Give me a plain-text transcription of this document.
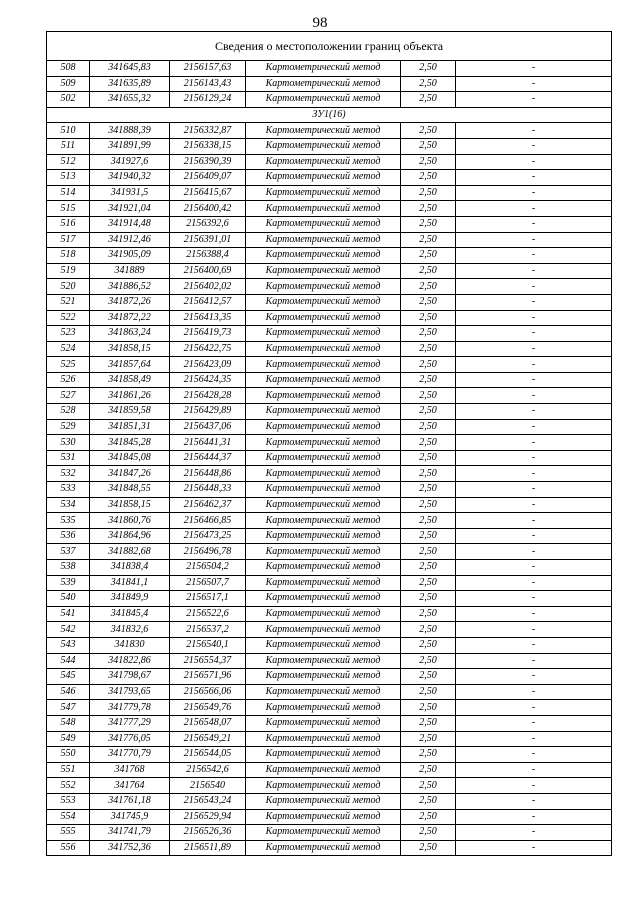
98
Сведения о местоположении границ объекта					
508	341645,83	2156157,63	Картометрический метод	2,50	-
509	341635,89	2156143,43	Картометрический метод	2,50	-
502	341655,32	2156129,24	Картометрический метод	2,50	-
ЗУ1(16)					
510	341888,39	2156332,87	Картометрический метод	2,50	-
511	341891,99	2156338,15	Картометрический метод	2,50	-
512	341927,6	2156390,39	Картометрический метод	2,50	-
513	341940,32	2156409,07	Картометрический метод	2,50	-
514	341931,5	2156415,67	Картометрический метод	2,50	-
515	341921,04	2156400,42	Картометрический метод	2,50	-
516	341914,48	2156392,6	Картометрический метод	2,50	-
517	341912,46	2156391,01	Картометрический метод	2,50	-
518	341905,09	2156388,4	Картометрический метод	2,50	-
519	341889	2156400,69	Картометрический метод	2,50	-
520	341886,52	2156402,02	Картометрический метод	2,50	-
521	341872,26	2156412,57	Картометрический метод	2,50	-
522	341872,22	2156413,35	Картометрический метод	2,50	-
523	341863,24	2156419,73	Картометрический метод	2,50	-
524	341858,15	2156422,75	Картометрический метод	2,50	-
525	341857,64	2156423,09	Картометрический метод	2,50	-
526	341858,49	2156424,35	Картометрический метод	2,50	-
527	341861,26	2156428,28	Картометрический метод	2,50	-
528	341859,58	2156429,89	Картометрический метод	2,50	-
529	341851,31	2156437,06	Картометрический метод	2,50	-
530	341845,28	2156441,31	Картометрический метод	2,50	-
531	341845,08	2156444,37	Картометрический метод	2,50	-
532	341847,26	2156448,86	Картометрический метод	2,50	-
533	341848,55	2156448,33	Картометрический метод	2,50	-
534	341858,15	2156462,37	Картометрический метод	2,50	-
535	341860,76	2156466,85	Картометрический метод	2,50	-
536	341864,96	2156473,25	Картометрический метод	2,50	-
537	341882,68	2156496,78	Картометрический метод	2,50	-
538	341838,4	2156504,2	Картометрический метод	2,50	-
539	341841,1	2156507,7	Картометрический метод	2,50	-
540	341849,9	2156517,1	Картометрический метод	2,50	-
541	341845,4	2156522,6	Картометрический метод	2,50	-
542	341832,6	2156537,2	Картометрический метод	2,50	-
543	341830	2156540,1	Картометрический метод	2,50	-
544	341822,86	2156554,37	Картометрический метод	2,50	-
545	341798,67	2156571,96	Картометрический метод	2,50	-
546	341793,65	2156566,06	Картометрический метод	2,50	-
547	341779,78	2156549,76	Картометрический метод	2,50	-
548	341777,29	2156548,07	Картометрический метод	2,50	-
549	341776,05	2156549,21	Картометрический метод	2,50	-
550	341770,79	2156544,05	Картометрический метод	2,50	-
551	341768	2156542,6	Картометрический метод	2,50	-
552	341764	2156540	Картометрический метод	2,50	-
553	341761,18	2156543,24	Картометрический метод	2,50	-
554	341745,9	2156529,94	Картометрический метод	2,50	-
555	341741,79	2156526,36	Картометрический метод	2,50	-
556	341752,36	2156511,89	Картометрический метод	2,50	-
